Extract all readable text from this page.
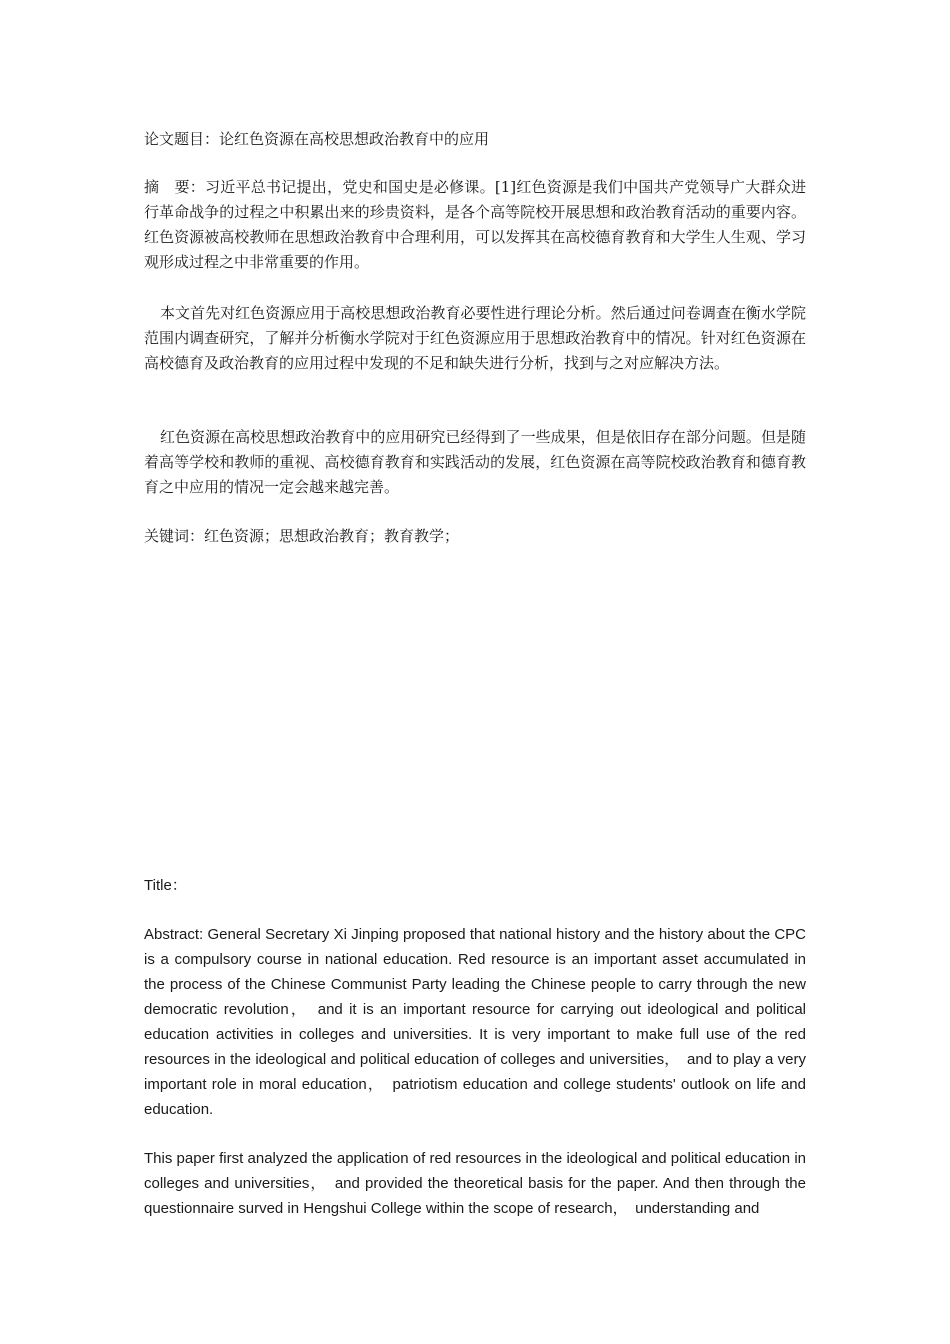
论文题目：论红色资源在高校思想政治教育中的应用

摘　要：习近平总书记提出，党史和国史是必修课。[1]红色资源是我们中国共产党领导广大群众进行革命战争的过程之中积累出来的珍贵资料，是各个高等院校开展思想和政治教育活动的重要内容。红色资源被高校教师在思想政治教育中合理利用，可以发挥其在高校德育教育和大学生人生观、学习观形成过程之中非常重要的作用。

本文首先对红色资源应用于高校思想政治教育必要性进行理论分析。然后通过问卷调查在衡水学院范围内调查研究，了解并分析衡水学院对于红色资源应用于思想政治教育中的情况。针对红色资源在高校德育及政治教育的应用过程中发现的不足和缺失进行分析，找到与之对应解决方法。

红色资源在高校思想政治教育中的应用研究已经得到了一些成果，但是依旧存在部分问题。但是随着高等学校和教师的重视、高校德育教育和实践活动的发展，红色资源在高等院校政治教育和德育教育之中应用的情况一定会越来越完善。

关键词：红色资源；思想政治教育；教育教学；

Title：

Abstract: General Secretary Xi Jinping proposed that national history and the history about the CPC is a compulsory course in national education. Red resource is an important asset accumulated in the process of the Chinese Communist Party leading the Chinese people to carry through the new democratic revolution，　and it is an important resource for carrying out ideological and political education activities in colleges and universities. It is very important to make full use of the red resources in the ideological and political education of colleges and universities，　and to play a very important role in moral education，　patriotism education and college students' outlook on life and education.

This paper first analyzed the application of red resources in the ideological and political education in colleges and universities，　and provided the theoretical basis for the paper. And then through the questionnaire surved in Hengshui College within the scope of research，　understanding and
